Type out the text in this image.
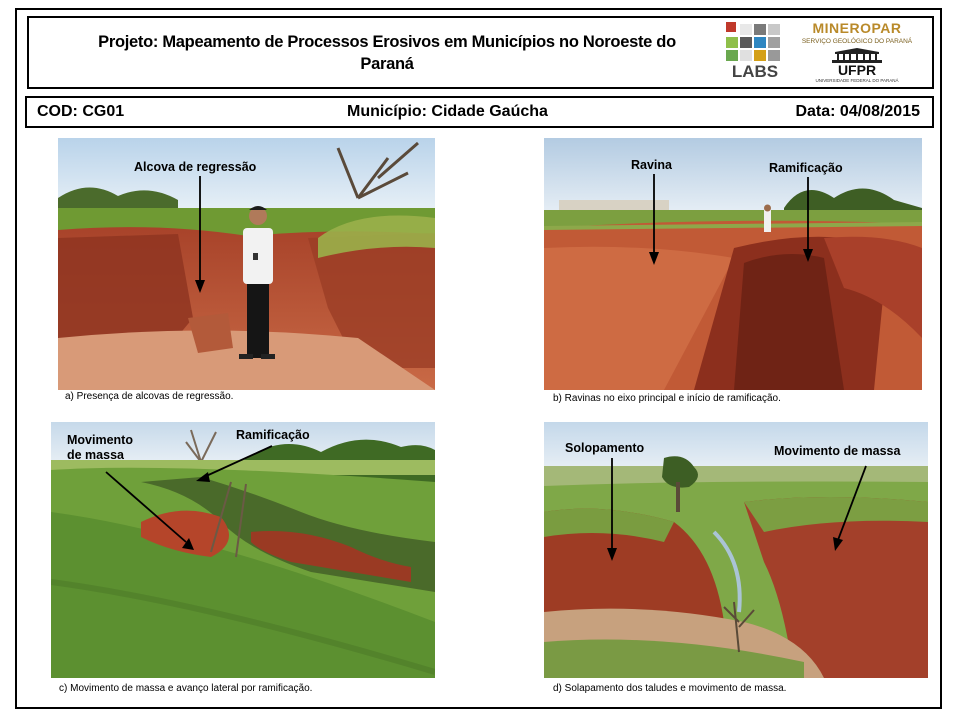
Projeto: Mapeamento de Processos Erosivos em Municípios no Noroeste do
Paraná	LABS
MINEROPAR
SERVIÇO GEOLÓGICO DO PARANÁ
UFPR
UNIVERSIDADE FEDERAL DO PARANÁ
COD: CG01	Município: Cidade Gaúcha	Data: 04/08/2015
Alcova de regressão
a) Presença de alcovas de regressão.
Ravina	Ramificação
b) Ravinas no eixo principal e início de ramificação.
Movimento
de massa
Ramificação
c) Movimento de massa e avanço lateral por ramificação.
Solopamento	Movimento de massa
d) Solapamento dos taludes e movimento de massa.
